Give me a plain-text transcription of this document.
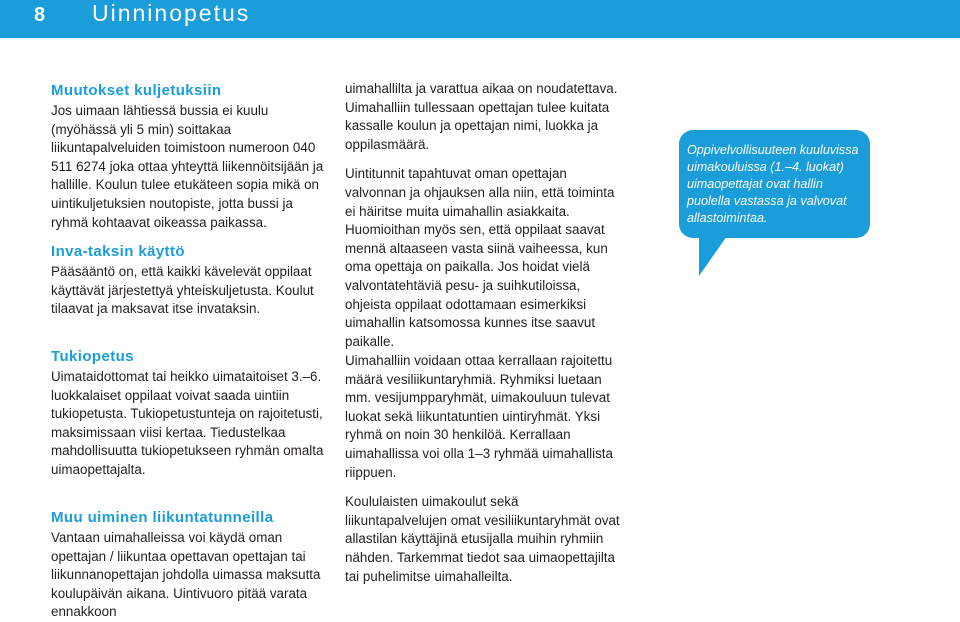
8 Uinninopetus
Muutokset kuljetuksiin

Jos uimaan lähtiessä bussia ei kuulu (myöhässä yli 5 min) soittakaa liikuntapalveluiden toimistoon numeroon 040 511 6274 joka ottaa yhteyttä liikennöitsijään ja hallille. Koulun tulee etukäteen sopia mikä on uintikuljetuksien noutopiste, jotta bussi ja ryhmä kohtaavat oikeassa paikassa.

Inva-taksin käyttö

Pääsääntö on, että kaikki kävelevät oppilaat käyttävät järjestettyä yhteiskuljetusta. Koulut tilaavat ja maksavat itse invataksin.

Tukiopetus

Uimataidottomat tai heikko uimataitoiset 3.–6. luokkalaiset oppilaat voivat saada uintiin tukiopetusta. Tukiopetustunteja on rajoitetusti, maksimissaan viisi kertaa. Tiedustelkaa mahdollisuutta tukiopetukseen ryhmän omalta uimaopettajalta.

Muu uiminen liikuntatunneilla

Vantaan uimahalleissa voi käydä oman opettajan / liikuntaa opettavan opettajan tai liikunnanopettajan johdolla uimassa maksutta koulupäivän aikana. Uintivuoro pitää varata ennakkoon

uimahallilta ja varattua aikaa on noudatettava. Uimahalliin tullessaan opettajan tulee kuitata kassalle koulun ja opettajan nimi, luokka ja oppilasmäärä.

Uintitunnit tapahtuvat oman opettajan valvonnan ja ohjauksen alla niin, että toiminta ei häiritse muita uimahallin asiakkaita. Huomioithan myös sen, että oppilaat saavat mennä altaaseen vasta siinä vaiheessa, kun oma opettaja on paikalla. Jos hoidat vielä valvontatehtäviä pesu- ja suihkutiloissa, ohjeista oppilaat odottamaan esimerkiksi uimahallin katsomossa kunnes itse saavut paikalle.

Uimahalliin voidaan ottaa kerrallaan rajoitettu määrä vesiliikuntaryhmiä. Ryhmiksi luetaan mm. vesijumpparyhmät, uimakouluun tulevat luokat sekä liikuntatuntien uintiryhmät. Yksi ryhmä on noin 30 henkilöä. Kerrallaan uimahallissa voi olla 1–3 ryhmää uimahallista riippuen.

Koululaisten uimakoulut sekä liikuntapalvelujen omat vesiliikuntaryhmät ovat allastilan käyttäjinä etusijalla muihin ryhmiin nähden. Tarkemmat tiedot saa uimaopettajilta tai puhelimitse uimahalleilta.

Oppivelvollisuuteen kuuluvissa uimakouluissa (1.–4. luokat) uimaopettajat ovat hallin puolella vastassa ja valvovat allastoimintaa.
